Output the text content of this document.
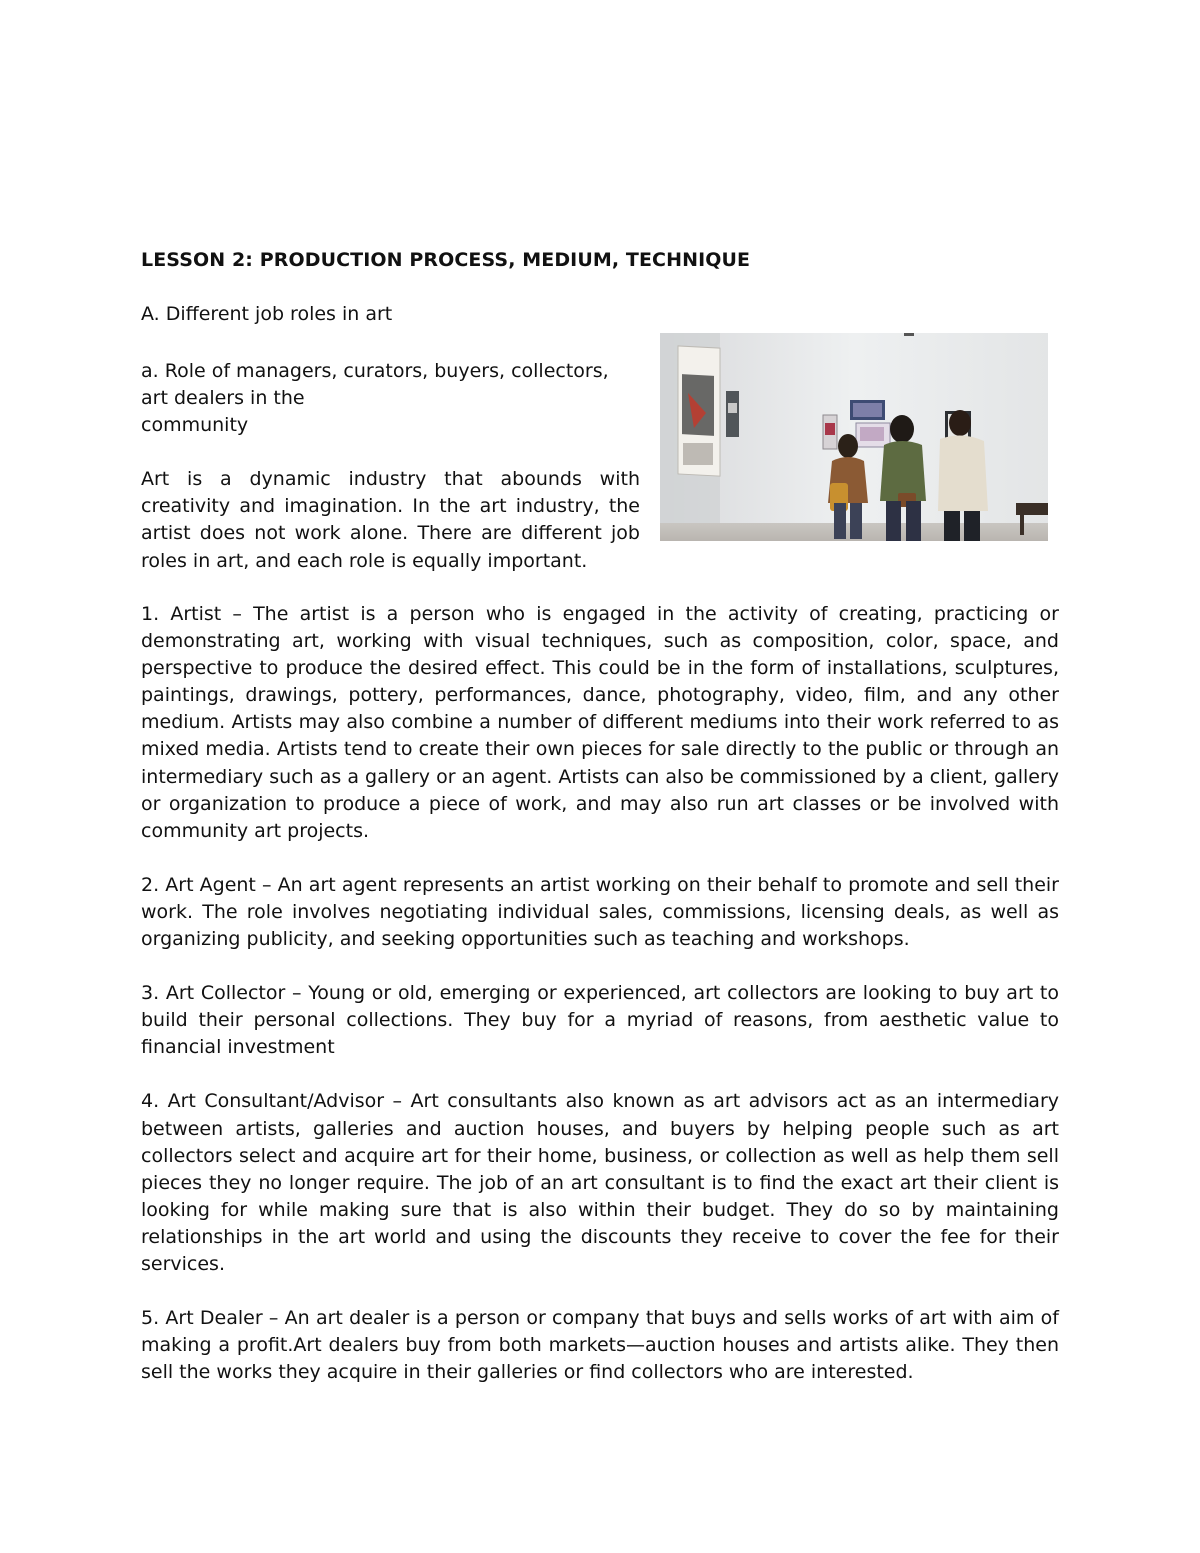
LESSON 2: PRODUCTION PROCESS, MEDIUM, TECHNIQUE

A. Different job roles in art

a. Role of managers, curators, buyers, collectors,
art dealers in the
community

Art is a dynamic industry that abounds with creativity and imagination. In the art industry, the artist does not work alone. There are different job roles in art, and each role is equally important.

1. Artist – The artist is a person who is engaged in the activity of creating, practicing or demonstrating art, working with visual techniques, such as composition, color, space, and perspective to produce the desired effect. This could be in the form of installations, sculptures, paintings, drawings, pottery, performances, dance, photography, video, film, and any other medium. Artists may also combine a number of different mediums into their work referred to as mixed media. Artists tend to create their own pieces for sale directly to the public or through an intermediary such as a gallery or an agent. Artists can also be commissioned by a client, gallery or organization to produce a piece of work, and may also run art classes or be involved with community art projects.

2. Art Agent – An art agent represents an artist working on their behalf to promote and sell their work. The role involves negotiating individual sales, commissions, licensing deals, as well as organizing publicity, and seeking opportunities such as teaching and workshops.

3. Art Collector – Young or old, emerging or experienced, art collectors are looking to buy art to build their personal collections. They buy for a myriad of reasons, from aesthetic value to financial investment

4. Art Consultant/Advisor – Art consultants also known as art advisors act as an intermediary between artists, galleries and auction houses, and buyers by helping people such as art collectors select and acquire art for their home, business, or collection as well as help them sell pieces they no longer require. The job of an art consultant is to find the exact art their client is looking for while making sure that is also within their budget. They do so by maintaining relationships in the art world and using the discounts they receive to cover the fee for their services.

5. Art Dealer – An art dealer is a person or company that buys and sells works of art with aim of making a profit.Art dealers buy from both markets—auction houses and artists alike. They then sell the works they acquire in their galleries or find collectors who are interested.
